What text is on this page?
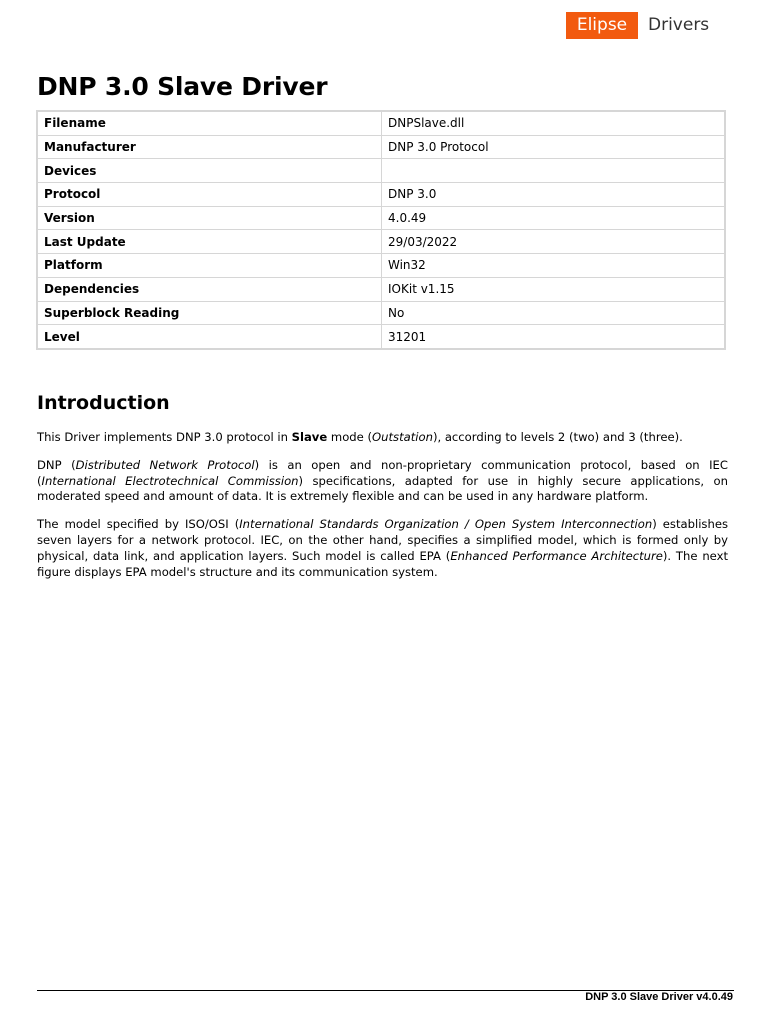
Elipse	Drivers
DNP 3.0 Slave Driver
Filename	DNPSlave.dll
Manufacturer	DNP 3.0 Protocol
Devices	
Protocol	DNP 3.0
Version	4.0.49
Last Update	29/03/2022
Platform	Win32
Dependencies	IOKit v1.15
Superblock Reading	No
Level	31201
Introduction

This Driver implements DNP 3.0 protocol in Slave mode (Outstation), according to levels 2 (two) and 3 (three).

DNP (Distributed Network Protocol) is an open and non-proprietary communication protocol, based on IEC (International Electrotechnical Commission) specifications, adapted for use in highly secure applications, on moderated speed and amount of data. It is extremely flexible and can be used in any hardware platform.

The model specified by ISO/OSI (International Standards Organization / Open System Interconnection) establishes seven layers for a network protocol. IEC, on the other hand, specifies a simplified model, which is formed only by physical, data link, and application layers. Such model is called EPA (Enhanced Performance Architecture). The next figure displays EPA model's structure and its communication system.

DNP 3.0 Slave Driver v4.0.49
